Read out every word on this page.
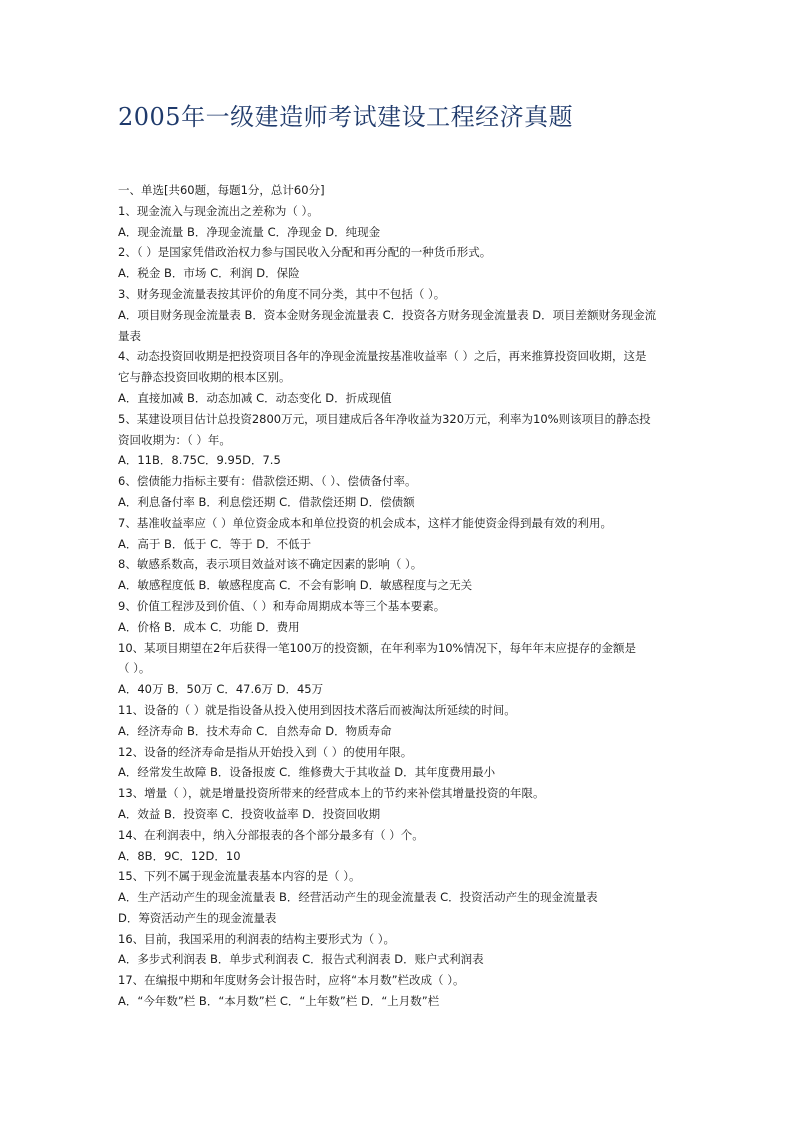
2005年一级建造师考试建设工程经济真题
一、单选[共60题，每题1分，总计60分]
1、现金流入与现金流出之差称为（ ）。
A．现金流量 B．净现金流量 C．净现金 D．纯现金
2、（ ）是国家凭借政治权力参与国民收入分配和再分配的一种货币形式。
A．税金 B．市场 C．利润 D．保险
3、财务现金流量表按其评价的角度不同分类，其中不包括（ ）。
A．项目财务现金流量表 B．资本金财务现金流量表 C．投资各方财务现金流量表 D．项目差额财务现金流
量表
4、动态投资回收期是把投资项目各年的净现金流量按基准收益率（ ）之后，再来推算投资回收期，这是
它与静态投资回收期的根本区别。
A．直接加减 B．动态加减 C．动态变化 D．折成现值
5、某建设项目估计总投资2800万元，项目建成后各年净收益为320万元，利率为10%则该项目的静态投
资回收期为：（ ）年。
A．11B．8.75C．9.95D．7.5
6、偿债能力指标主要有：借款偿还期、（ ）、偿债备付率。
A．利息备付率 B．利息偿还期 C．借款偿还期 D．偿债额
7、基准收益率应（ ）单位资金成本和单位投资的机会成本，这样才能使资金得到最有效的利用。
A．高于 B．低于 C．等于 D．不低于
8、敏感系数高，表示项目效益对该不确定因素的影响（ ）。
A．敏感程度低 B．敏感程度高 C．不会有影响 D．敏感程度与之无关
9、价值工程涉及到价值、（ ）和寿命周期成本等三个基本要素。
A．价格 B．成本 C．功能 D．费用
10、某项目期望在2年后获得一笔100万的投资额，在年利率为10%情况下，每年年末应提存的金额是
（ ）。
A．40万 B．50万 C．47.6万 D．45万
11、设备的（ ）就是指设备从投入使用到因技术落后而被淘汰所延续的时间。
A．经济寿命 B．技术寿命 C．自然寿命 D．物质寿命
12、设备的经济寿命是指从开始投入到（ ）的使用年限。
A．经常发生故障 B．设备报废 C．维修费大于其收益 D．其年度费用最小
13、增量（ ），就是增量投资所带来的经营成本上的节约来补偿其增量投资的年限。
A．效益 B．投资率 C．投资收益率 D．投资回收期
14、在利润表中，纳入分部报表的各个部分最多有（ ）个。
A．8B．9C．12D．10
15、下列不属于现金流量表基本内容的是（ ）。
A．生产活动产生的现金流量表 B．经营活动产生的现金流量表 C．投资活动产生的现金流量表
D．筹资活动产生的现金流量表
16、目前，我国采用的利润表的结构主要形式为（ ）。
A．多步式利润表 B．单步式利润表 C．报告式利润表 D．账户式利润表
17、在编报中期和年度财务会计报告时，应将“本月数”栏改成（ ）。
A．“今年数”栏 B．“本月数”栏 C．“上年数”栏 D．“上月数”栏
